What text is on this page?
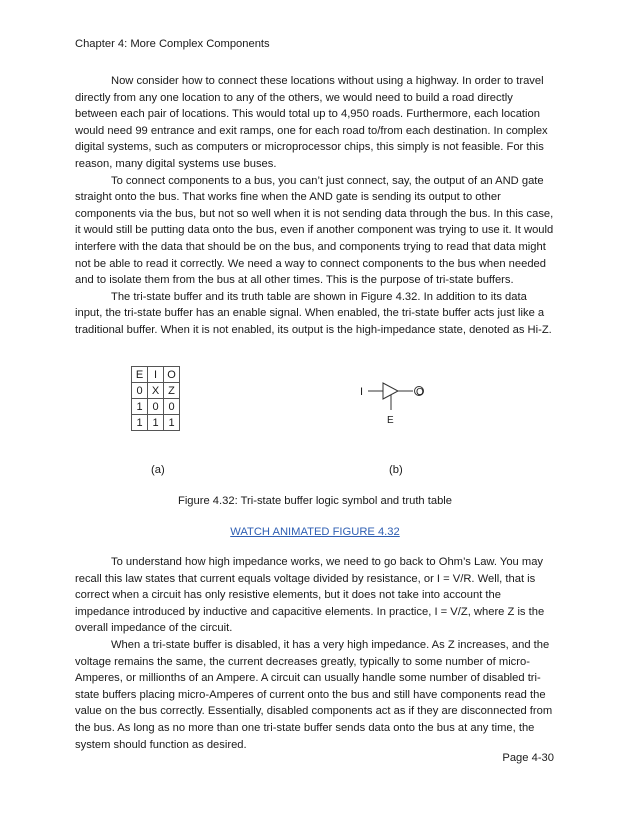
Chapter 4: More Complex Components

Now consider how to connect these locations without using a highway. In order to travel directly from any one location to any of the others, we would need to build a road directly between each pair of locations. This would total up to 4,950 roads. Furthermore, each location would need 99 entrance and exit ramps, one for each road to/from each destination. In complex digital systems, such as computers or microprocessor chips, this simply is not feasible. For this reason, many digital systems use buses.

To connect components to a bus, you can’t just connect, say, the output of an AND gate straight onto the bus. That works fine when the AND gate is sending its output to other components via the bus, but not so well when it is not sending data through the bus. In this case, it would still be putting data onto the bus, even if another component was trying to use it. It would interfere with the data that should be on the bus, and components trying to read that data might not be able to read it correctly. We need a way to connect components to the bus when needed and to isolate them from the bus at all other times. This is the purpose of tri-state buffers.

The tri-state buffer and its truth table are shown in Figure 4.32. In addition to its data input, the tri-state buffer has an enable signal. When enabled, the tri-state buffer acts just like a traditional buffer. When it is not enabled, its output is the high-impedance state, denoted as Hi-Z.

E	I	O
0	X	Z
1	0	0
1	1	1
I	O
E
(a)	(b)
Figure 4.32: Tri-state buffer logic symbol and truth table
WATCH ANIMATED FIGURE 4.32

To understand how high impedance works, we need to go back to Ohm’s Law. You may recall this law states that current equals voltage divided by resistance, or I = V/R. Well, that is correct when a circuit has only resistive elements, but it does not take into account the impedance introduced by inductive and capacitive elements. In practice, I = V/Z, where Z is the overall impedance of the circuit.

When a tri-state buffer is disabled, it has a very high impedance. As Z increases, and the voltage remains the same, the current decreases greatly, typically to some number of micro-Amperes, or millionths of an Ampere. A circuit can usually handle some number of disabled tri-state buffers placing micro-Amperes of current onto the bus and still have components read the value on the bus correctly. Essentially, disabled components act as if they are disconnected from the bus. As long as no more than one tri-state buffer sends data onto the bus at any time, the system should function as desired.

Page 4-30
